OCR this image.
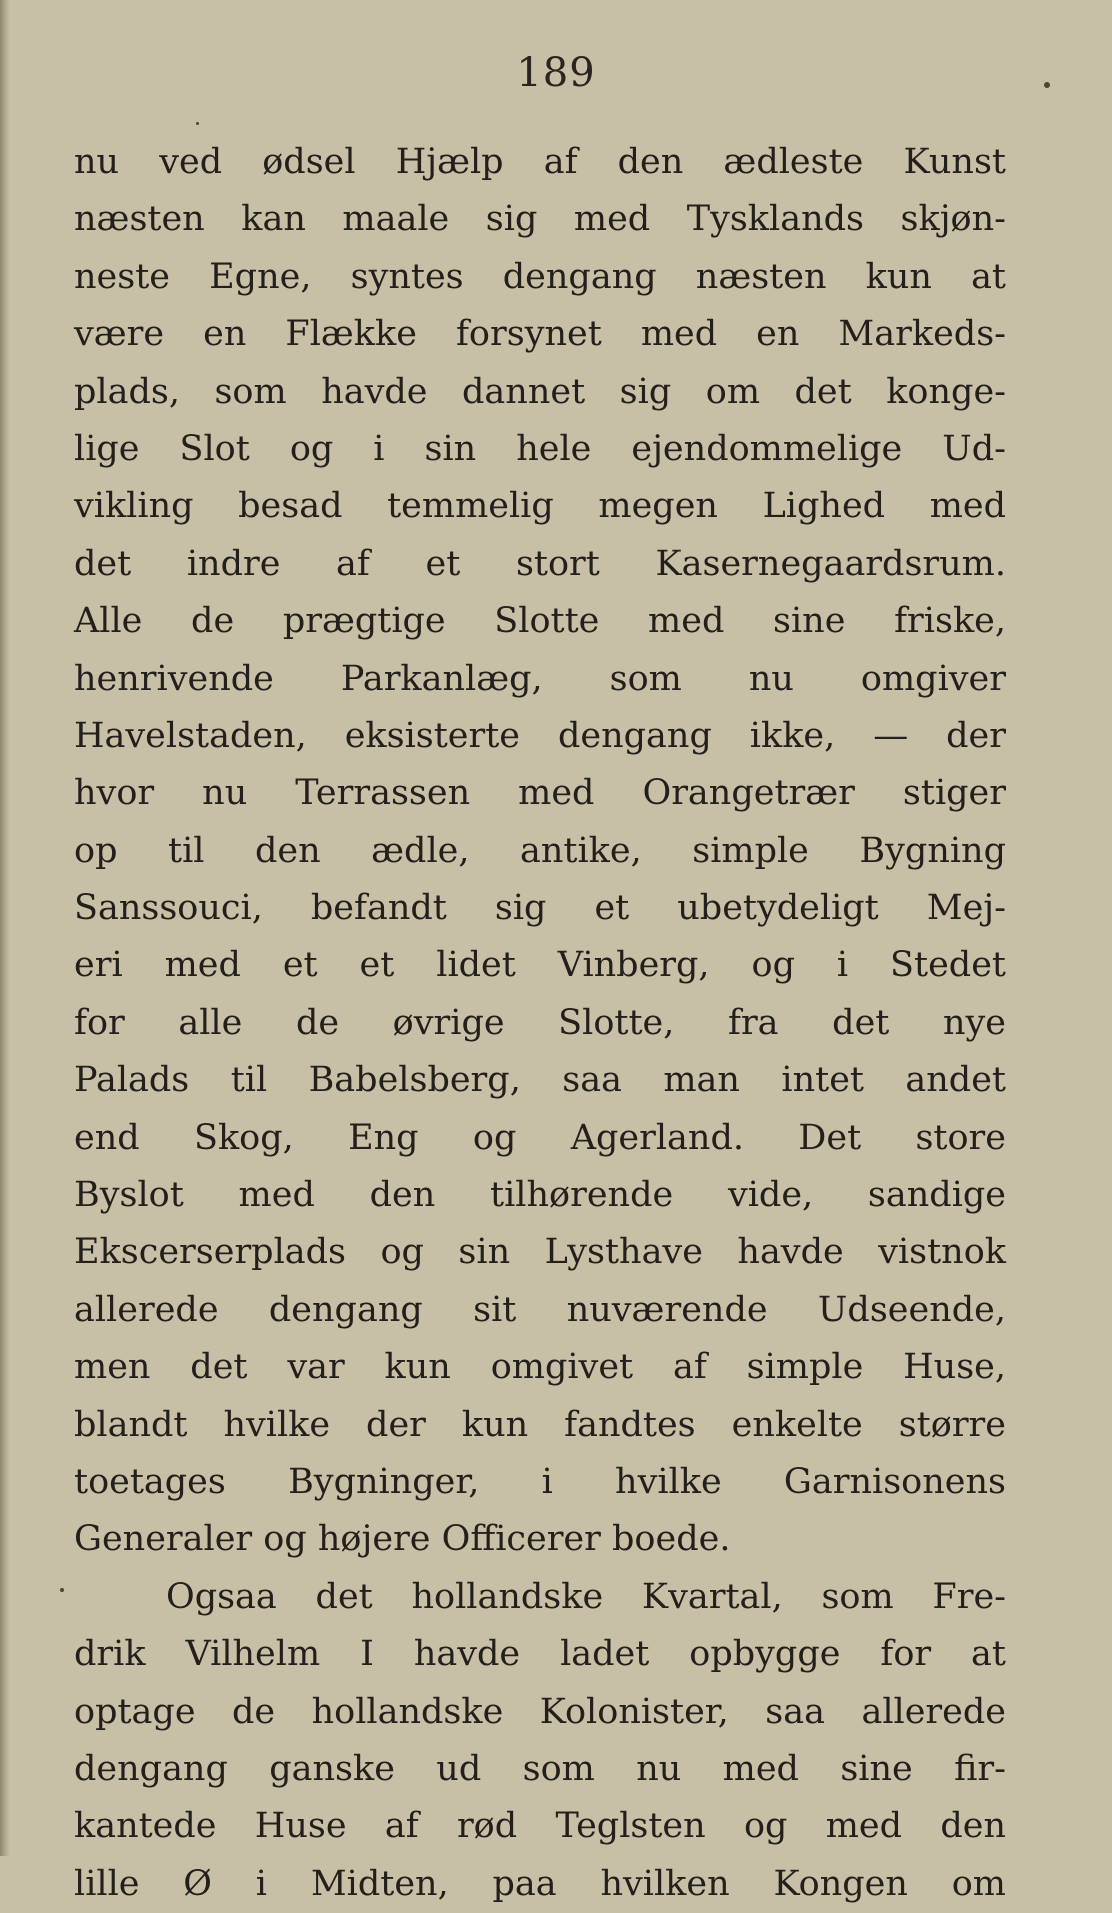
189
nu ved ødsel Hjælp af den ædleste Kunst
næsten kan maale sig med Tysklands skjøn-
neste Egne, syntes dengang næsten kun at
være en Flække forsynet med en Markeds-
plads, som havde dannet sig om det konge-
lige Slot og i sin hele ejendommelige Ud-
vikling besad temmelig megen Lighed med
det indre af et stort Kasernegaardsrum.
Alle de prægtige Slotte med sine friske,
henrivende Parkanlæg, som nu omgiver
Havelstaden, eksisterte dengang ikke, — der
hvor nu Terrassen med Orangetrær stiger
op til den ædle, antike, simple Bygning
Sanssouci, befandt sig et ubetydeligt Mej-
eri med et et lidet Vinberg, og i Stedet
for alle de øvrige Slotte, fra det nye
Palads til Babelsberg, saa man intet andet
end Skog, Eng og Agerland. Det store
Byslot med den tilhørende vide, sandige
Ekscerserplads og sin Lysthave havde vistnok
allerede dengang sit nuværende Udseende,
men det var kun omgivet af simple Huse,
blandt hvilke der kun fandtes enkelte større
toetages Bygninger, i hvilke Garnisonens
Generaler og højere Officerer boede.
Ogsaa det hollandske Kvartal, som Fre-
drik Vilhelm I havde ladet opbygge for at
optage de hollandske Kolonister, saa allerede
dengang ganske ud som nu med sine fir-
kantede Huse af rød Teglsten og med den
lille Ø i Midten, paa hvilken Kongen om
